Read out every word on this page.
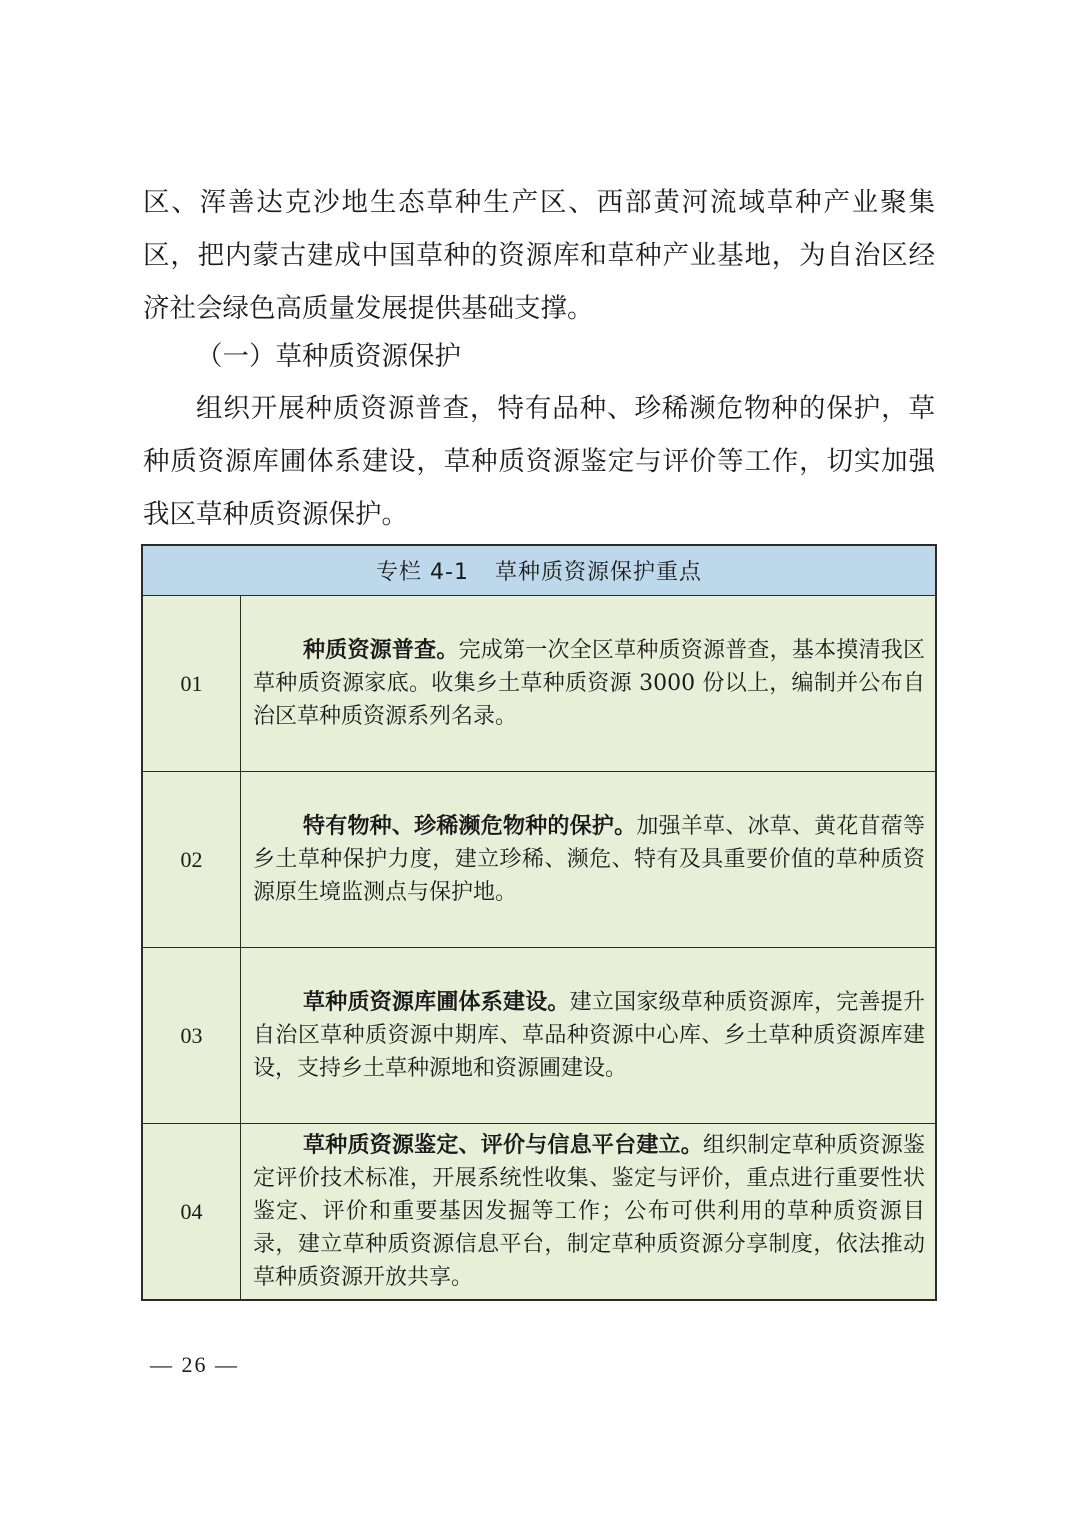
区、浑善达克沙地生态草种生产区、西部黄河流域草种产业聚集区，把内蒙古建成中国草种的资源库和草种产业基地，为自治区经济社会绿色高质量发展提供基础支撑。
（一）草种质资源保护
组织开展种质资源普查，特有品种、珍稀濒危物种的保护，草种质资源库圃体系建设，草种质资源鉴定与评价等工作，切实加强我区草种质资源保护。
专栏 4-1 草种质资源保护重点
01

种质资源普查。完成第一次全区草种质资源普查，基本摸清我区草种质资源家底。收集乡土草种质资源 3000 份以上，编制并公布自治区草种质资源系列名录。

02

特有物种、珍稀濒危物种的保护。加强羊草、冰草、黄花苜蓿等乡土草种保护力度，建立珍稀、濒危、特有及具重要价值的草种质资源原生境监测点与保护地。

03

草种质资源库圃体系建设。建立国家级草种质资源库，完善提升自治区草种质资源中期库、草品种资源中心库、乡土草种质资源库建设，支持乡土草种源地和资源圃建设。

04

草种质资源鉴定、评价与信息平台建立。组织制定草种质资源鉴定评价技术标准，开展系统性收集、鉴定与评价，重点进行重要性状鉴定、评价和重要基因发掘等工作；公布可供利用的草种质资源目录，建立草种质资源信息平台，制定草种质资源分享制度，依法推动草种质资源开放共享。

— 26 —
